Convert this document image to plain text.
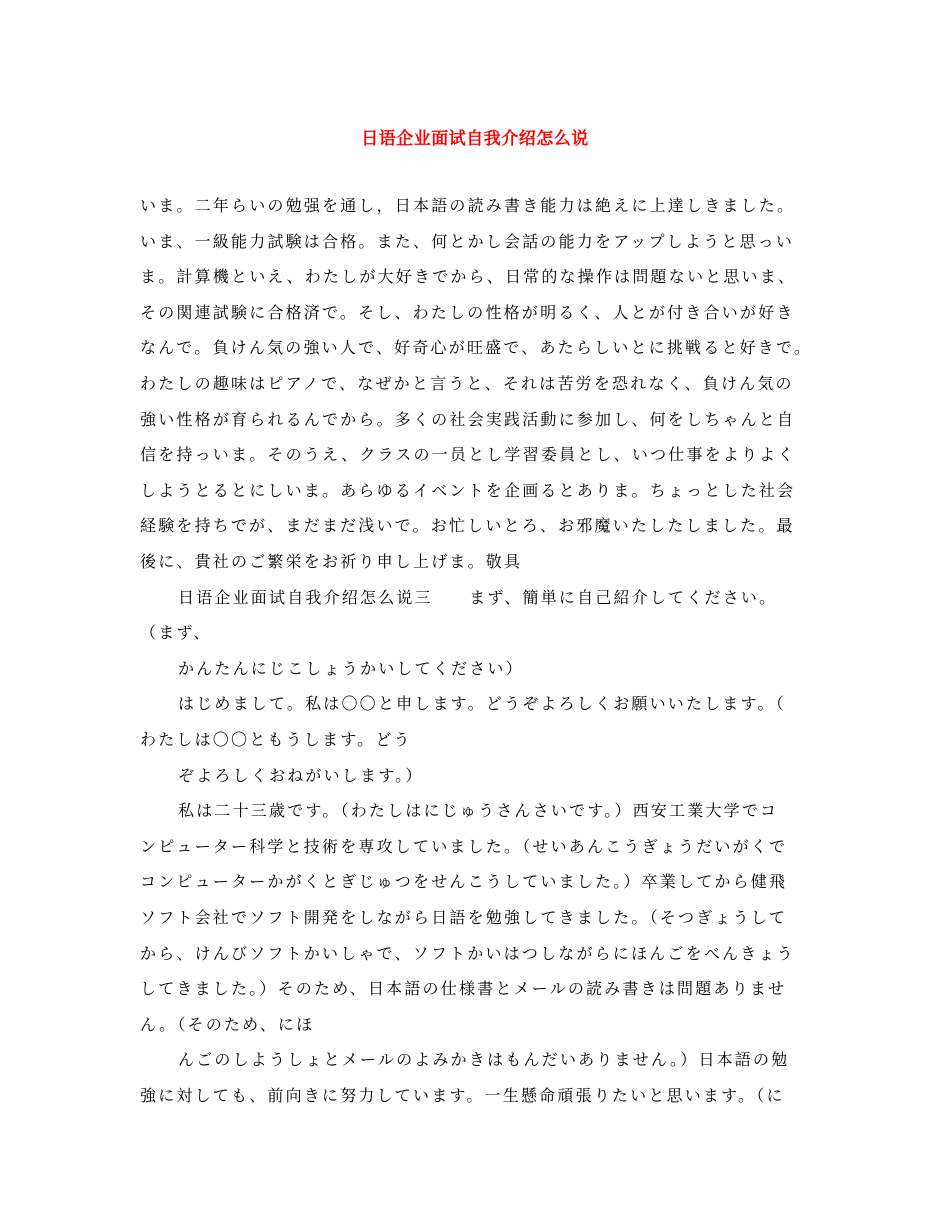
日语企业面试自我介绍怎么说
いま。二年らいの勉强を通し，日本語の読み書き能力は絶えに上達しきました。
いま、一級能力試験は合格。また、何とかし会話の能力をアップしようと思っい
ま。計算機といえ、わたしが大好きでから、日常的な操作は問題ないと思いま、
その関連試験に合格済で。そし、わたしの性格が明るく、人とが付き合いが好き
なんで。負けん気の強い人で、好奇心が旺盛で、あたらしいとに挑戦ると好きで。
わたしの趣味はピアノで、なぜかと言うと、それは苦労を恐れなく、負けん気の
強い性格が育られるんでから。多くの社会実践活動に参加し、何をしちゃんと自
信を持っいま。そのうえ、クラスの一员とし学習委員とし、いつ仕事をよりよく
しようとるとにしいま。あらゆるイベントを企画るとありま。ちょっとした社会
経験を持ちでが、まだまだ浅いで。お忙しいとろ、お邪魔いたしたしました。最
後に、貴社のご繁栄をお祈り申し上げま。敬具
日语企业面试自我介绍怎么说三　　まず、簡単に自己紹介してください。
（まず、
かんたんにじこしょうかいしてください）
はじめまして。私は〇〇と申します。どうぞよろしくお願いいたします。（
わたしは〇〇ともうします。どう
ぞよろしくおねがいします。）
私は二十三歳です。（わたしはにじゅうさんさいです。）西安工業大学でコ
ンピューター科学と技術を専攻していました。（せいあんこうぎょうだいがくで
コンピューターかがくとぎじゅつをせんこうしていました。）卒業してから健飛
ソフト会社でソフト開発をしながら日語を勉強してきました。（そつぎょうして
から、けんびソフトかいしゃで、ソフトかいはつしながらにほんごをべんきょう
してきました。）そのため、日本語の仕様書とメールの読み書きは問題ありませ
ん。（そのため、にほ
んごのしようしょとメールのよみかきはもんだいありません。）日本語の勉
強に対しても、前向きに努力しています。一生懸命頑張りたいと思います。（に
